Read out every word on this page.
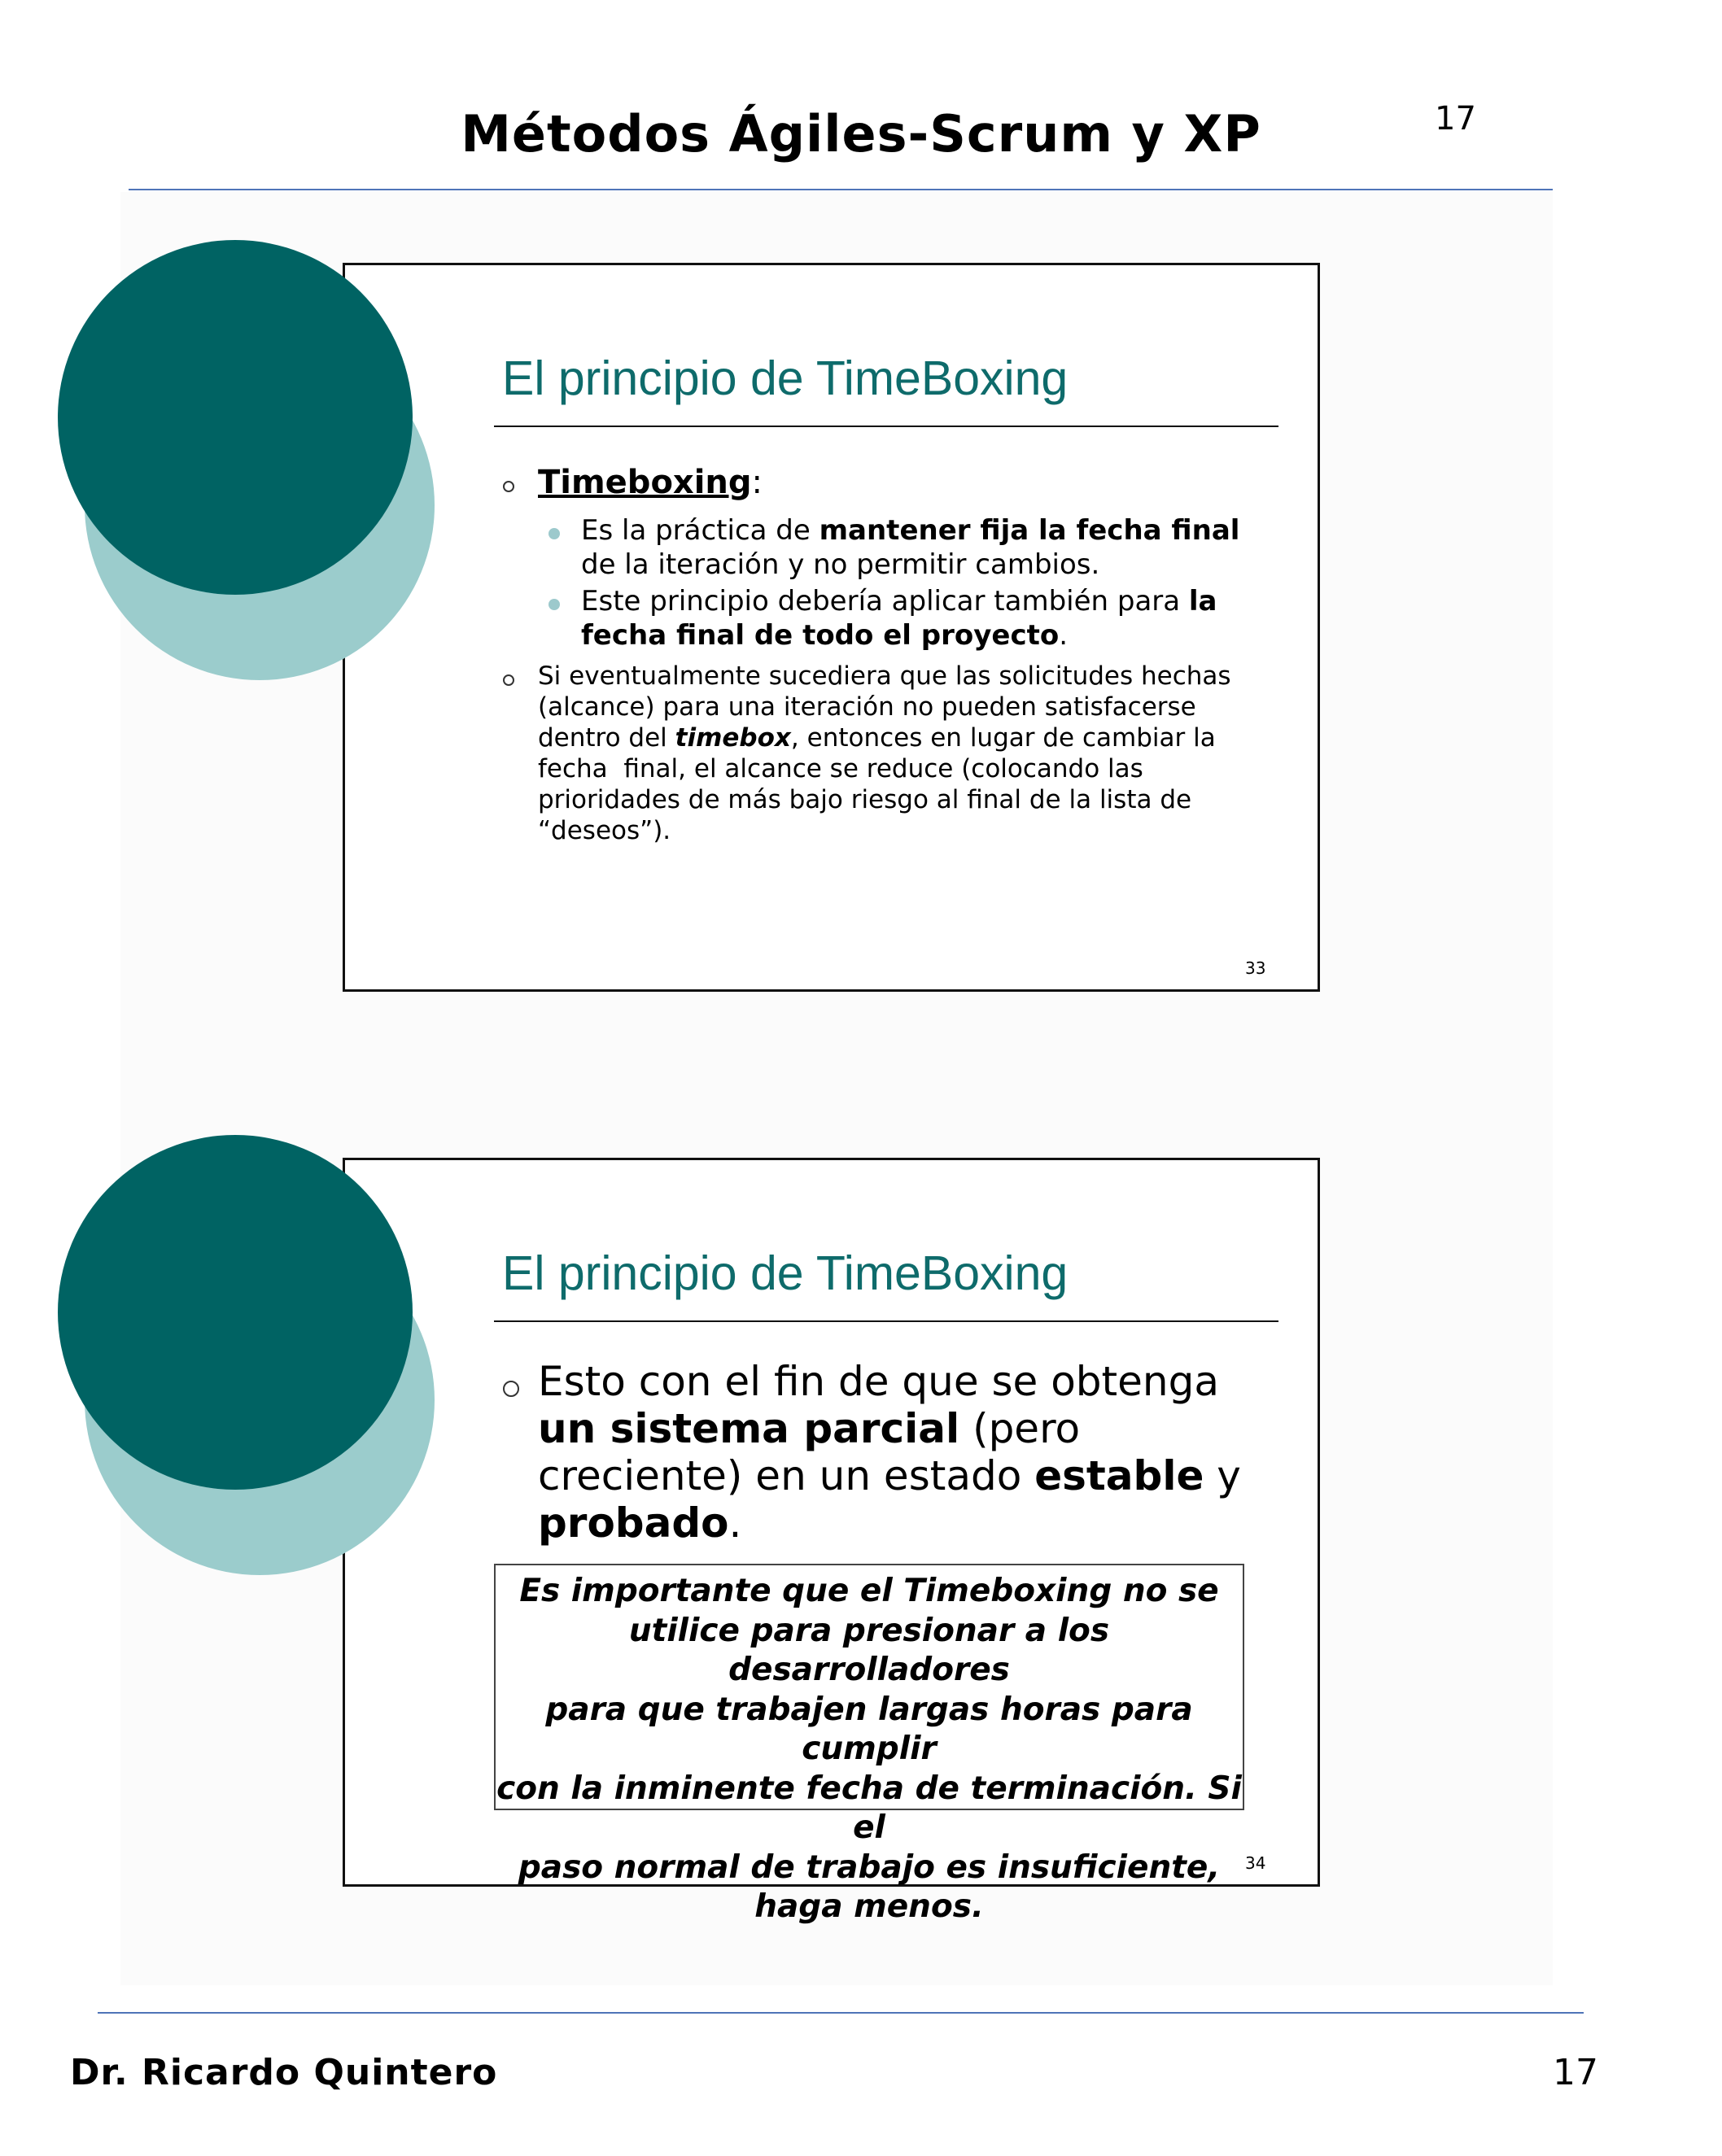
Métodos Ágiles-Scrum y XP	17
El principio de TimeBoxing
Timeboxing:
Es la práctica de mantener fija la fecha final
de la iteración y no permitir cambios.
Este principio debería aplicar también para la
fecha final de todo el proyecto.
Si eventualmente sucediera que las solicitudes hechas
(alcance) para una iteración no pueden satisfacerse
dentro del timebox, entonces en lugar de cambiar la
fecha  final, el alcance se reduce (colocando las
prioridades de más bajo riesgo al final de la lista de
“deseos”).
33
El principio de TimeBoxing
Esto con el fin de que se obtenga
un sistema parcial (pero
creciente) en un estado estable y
probado.
Es importante que el Timeboxing no se
utilice para presionar a los desarrolladores
para que trabajen largas horas para cumplir
con la inminente fecha de terminación. Si el
paso normal de trabajo es insuficiente,
haga menos.
34
Dr. Ricardo Quintero	17
